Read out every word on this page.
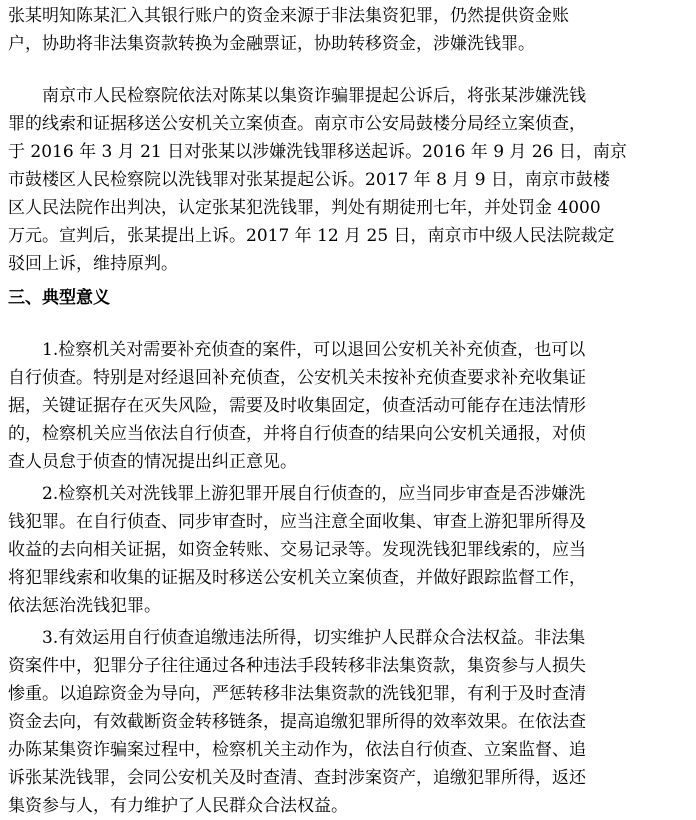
张某明知陈某汇入其银行账户的资金来源于非法集资犯罪，仍然提供资金账
户，协助将非法集资款转换为金融票证，协助转移资金，涉嫌洗钱罪。
　　南京市人民检察院依法对陈某以集资诈骗罪提起公诉后，将张某涉嫌洗钱
罪的线索和证据移送公安机关立案侦查。南京市公安局鼓楼分局经立案侦查，
于 2016 年 3 月 21 日对张某以涉嫌洗钱罪移送起诉。2016 年 9 月 26 日，南京
市鼓楼区人民检察院以洗钱罪对张某提起公诉。2017 年 8 月 9 日，南京市鼓楼
区人民法院作出判决，认定张某犯洗钱罪，判处有期徒刑七年，并处罚金 4000
万元。宣判后，张某提出上诉。2017 年 12 月 25 日，南京市中级人民法院裁定
驳回上诉，维持原判。
三、典型意义
　　1.检察机关对需要补充侦查的案件，可以退回公安机关补充侦查，也可以
自行侦查。特别是对经退回补充侦查，公安机关未按补充侦查要求补充收集证
据，关键证据存在灭失风险，需要及时收集固定，侦查活动可能存在违法情形
的，检察机关应当依法自行侦查，并将自行侦查的结果向公安机关通报，对侦
查人员怠于侦查的情况提出纠正意见。
　　2.检察机关对洗钱罪上游犯罪开展自行侦查的，应当同步审查是否涉嫌洗
钱犯罪。在自行侦查、同步审查时，应当注意全面收集、审查上游犯罪所得及
收益的去向相关证据，如资金转账、交易记录等。发现洗钱犯罪线索的，应当
将犯罪线索和收集的证据及时移送公安机关立案侦查，并做好跟踪监督工作，
依法惩治洗钱犯罪。
　　3.有效运用自行侦查追缴违法所得，切实维护人民群众合法权益。非法集
资案件中，犯罪分子往往通过各种违法手段转移非法集资款，集资参与人损失
惨重。以追踪资金为导向，严惩转移非法集资款的洗钱犯罪，有利于及时查清
资金去向，有效截断资金转移链条，提高追缴犯罪所得的效率效果。在依法查
办陈某集资诈骗案过程中，检察机关主动作为，依法自行侦查、立案监督、追
诉张某洗钱罪，会同公安机关及时查清、查封涉案资产，追缴犯罪所得，返还
集资参与人，有力维护了人民群众合法权益。
